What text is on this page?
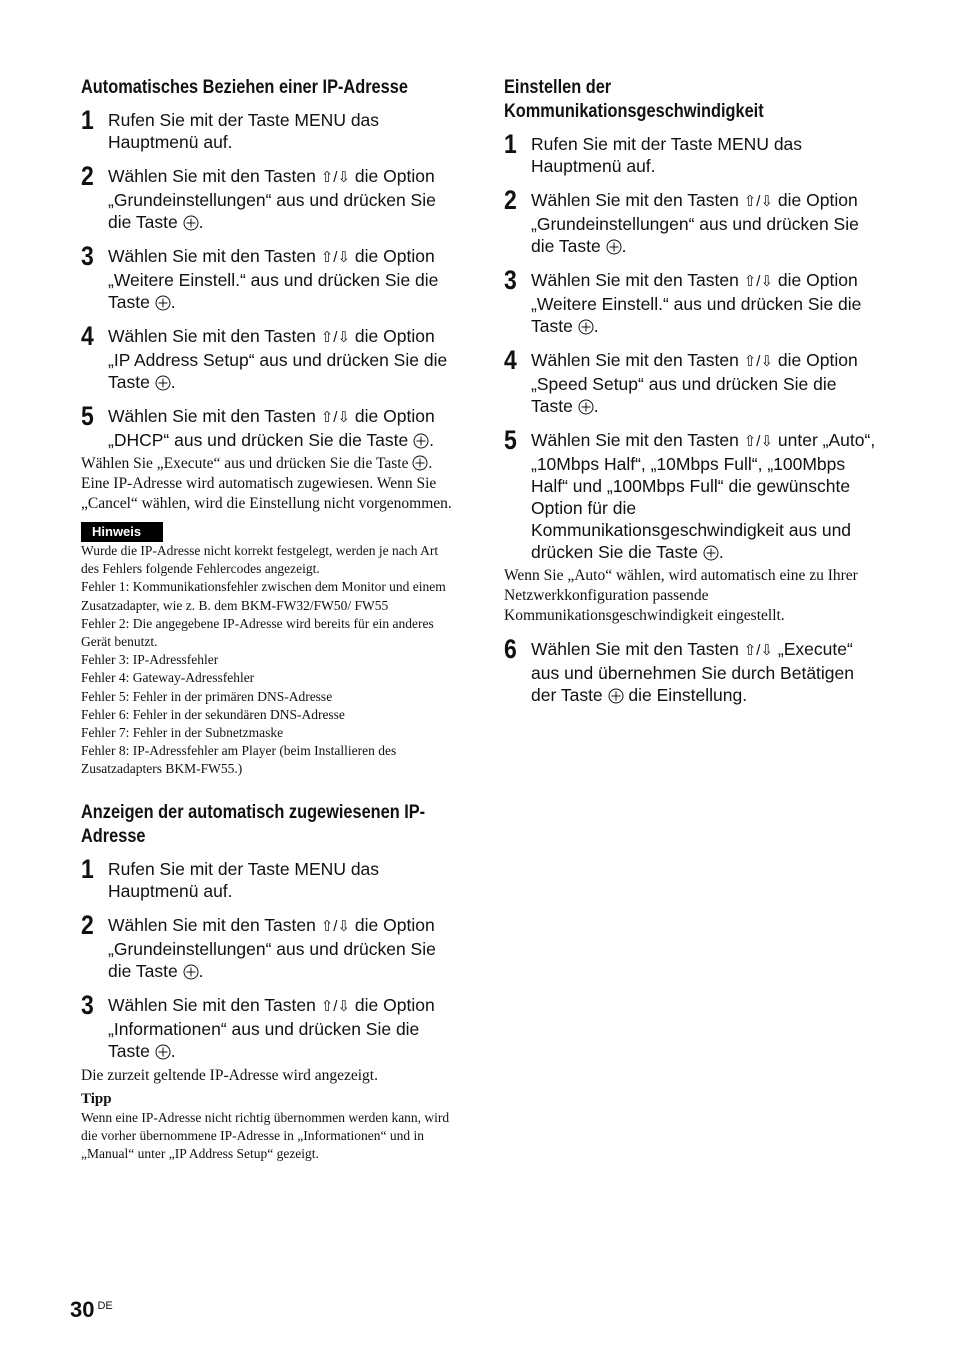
Automatisches Beziehen einer IP-Adresse
1 Rufen Sie mit der Taste MENU das Hauptmenü auf.
2 Wählen Sie mit den Tasten ⇧/⇩ die Option „Grundeinstellungen“ aus und drücken Sie die Taste .
3 Wählen Sie mit den Tasten ⇧/⇩ die Option „Weitere Einstell.“ aus und drücken Sie die Taste .
4 Wählen Sie mit den Tasten ⇧/⇩ die Option „IP Address Setup“ aus und drücken Sie die Taste .
5 Wählen Sie mit den Tasten ⇧/⇩ die Option „DHCP“ aus und drücken Sie die Taste .
Wählen Sie „Execute“ aus und drücken Sie die Taste . Eine IP-Adresse wird automatisch zugewiesen. Wenn Sie „Cancel“ wählen, wird die Einstellung nicht vorgenommen.
Hinweis
Wurde die IP-Adresse nicht korrekt festgelegt, werden je nach Art des Fehlers folgende Fehlercodes angezeigt.
Fehler 1: Kommunikationsfehler zwischen dem Monitor und einem Zusatzadapter, wie z. B. dem BKM-FW32/FW50/ FW55
Fehler 2: Die angegebene IP-Adresse wird bereits für ein anderes Gerät benutzt.
Fehler 3: IP-Adressfehler
Fehler 4: Gateway-Adressfehler
Fehler 5: Fehler in der primären DNS-Adresse
Fehler 6: Fehler in der sekundären DNS-Adresse
Fehler 7: Fehler in der Subnetzmaske
Fehler 8: IP-Adressfehler am Player (beim Installieren des Zusatzadapters BKM-FW55.)
Anzeigen der automatisch zugewiesenen IP-Adresse
1 Rufen Sie mit der Taste MENU das Hauptmenü auf.
2 Wählen Sie mit den Tasten ⇧/⇩ die Option „Grundeinstellungen“ aus und drücken Sie die Taste .
3 Wählen Sie mit den Tasten ⇧/⇩ die Option „Informationen“ aus und drücken Sie die Taste .
Die zurzeit geltende IP-Adresse wird angezeigt.
Tipp
Wenn eine IP-Adresse nicht richtig übernommen werden kann, wird die vorher übernommene IP-Adresse in „Informationen“ und in „Manual“ unter „IP Address Setup“ gezeigt.
Einstellen der Kommunikationsgeschwindigkeit
1 Rufen Sie mit der Taste MENU das Hauptmenü auf.
2 Wählen Sie mit den Tasten ⇧/⇩ die Option „Grundeinstellungen“ aus und drücken Sie die Taste .
3 Wählen Sie mit den Tasten ⇧/⇩ die Option „Weitere Einstell.“ aus und drücken Sie die Taste .
4 Wählen Sie mit den Tasten ⇧/⇩ die Option „Speed Setup“ aus und drücken Sie die Taste .
5 Wählen Sie mit den Tasten ⇧/⇩ unter „Auto“, „10Mbps Half“, „10Mbps Full“, „100Mbps Half“ und „100Mbps Full“ die gewünschte Option für die Kommunikationsgeschwindigkeit aus und drücken Sie die Taste .
Wenn Sie „Auto“ wählen, wird automatisch eine zu Ihrer Netzwerkkonfiguration passende Kommunikationsgeschwindigkeit eingestellt.
6 Wählen Sie mit den Tasten ⇧/⇩ „Execute“ aus und übernehmen Sie durch Betätigen der Taste die Einstellung.
30 $^{DE}$
